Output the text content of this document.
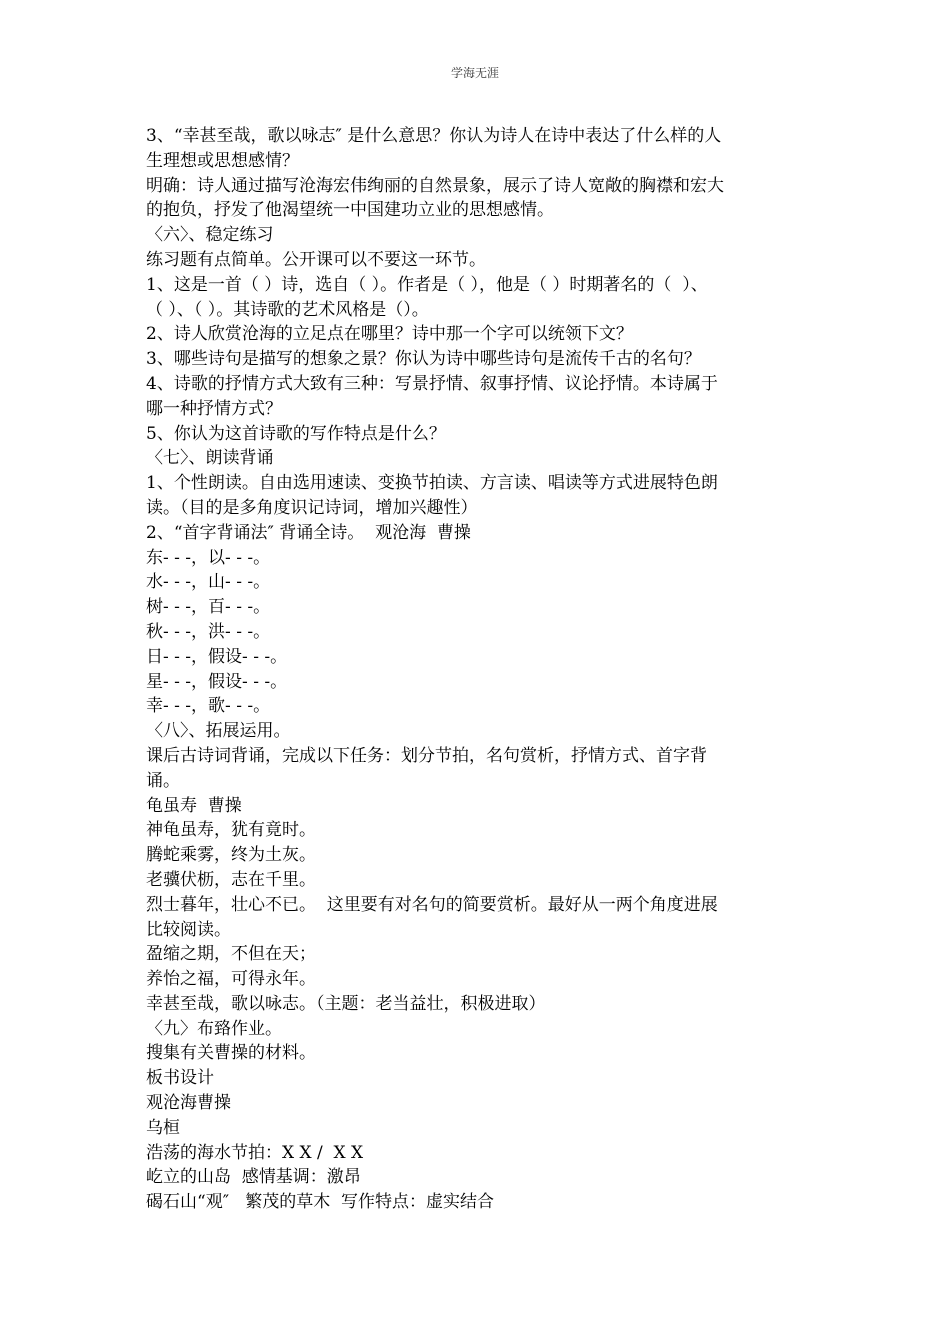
学海无涯
3、“幸甚至哉，歌以咏志″ 是什么意思？你认为诗人在诗中表达了什么样的人
生理想或思想感情？
明确：诗人通过描写沧海宏伟绚丽的自然景象，展示了诗人宽敞的胸襟和宏大
的抱负，抒发了他渴望统一中国建功立业的思想感情。
〈六〉、稳定练习
练习题有点简单。公开课可以不要这一环节。
1、这是一首（ ）诗，选自（ ）。作者是（ ），他是（ ）时期著名的（  ）、
（ ）、（ ）。其诗歌的艺术风格是（）。
2、诗人欣赏沧海的立足点在哪里？诗中那一个字可以统领下文？
3、哪些诗句是描写的想象之景？你认为诗中哪些诗句是流传千古的名句？
4、诗歌的抒情方式大致有三种：写景抒情、叙事抒情、议论抒情。本诗属于
哪一种抒情方式？
5、你认为这首诗歌的写作特点是什么？
〈七〉、朗读背诵
1、个性朗读。自由选用速读、变换节拍读、方言读、唱读等方式进展特色朗
读。（目的是多角度识记诗词，增加兴趣性）
2、“首字背诵法″ 背诵全诗。  观沧海  曹操
东- - -，以- - -。
水- - -，山- - -。
树- - -，百- - -。
秋- - -，洪- - -。
日- - -，假设- - -。
星- - -，假设- - -。
幸- - -，歌- - -。
〈八〉、拓展运用。
课后古诗词背诵，完成以下任务：划分节拍，名句赏析，抒情方式、首字背
诵。
龟虽寿  曹操
神龟虽寿，犹有竟时。
腾蛇乘雾，终为土灰。
老骥伏枥，志在千里。
烈士暮年，壮心不已。  这里要有对名句的简要赏析。最好从一两个角度进展
比较阅读。
盈缩之期，不但在天；
养怡之福，可得永年。
幸甚至哉，歌以咏志。（主题：老当益壮，积极进取）
〈九〉布臵作业。
搜集有关曹操的材料。
板书设计
观沧海曹操
乌桓
浩荡的海水节拍：X X /  X X
屹立的山岛  感情基调：激昂
碣石山“观″   繁茂的草木  写作特点：虚实结合
